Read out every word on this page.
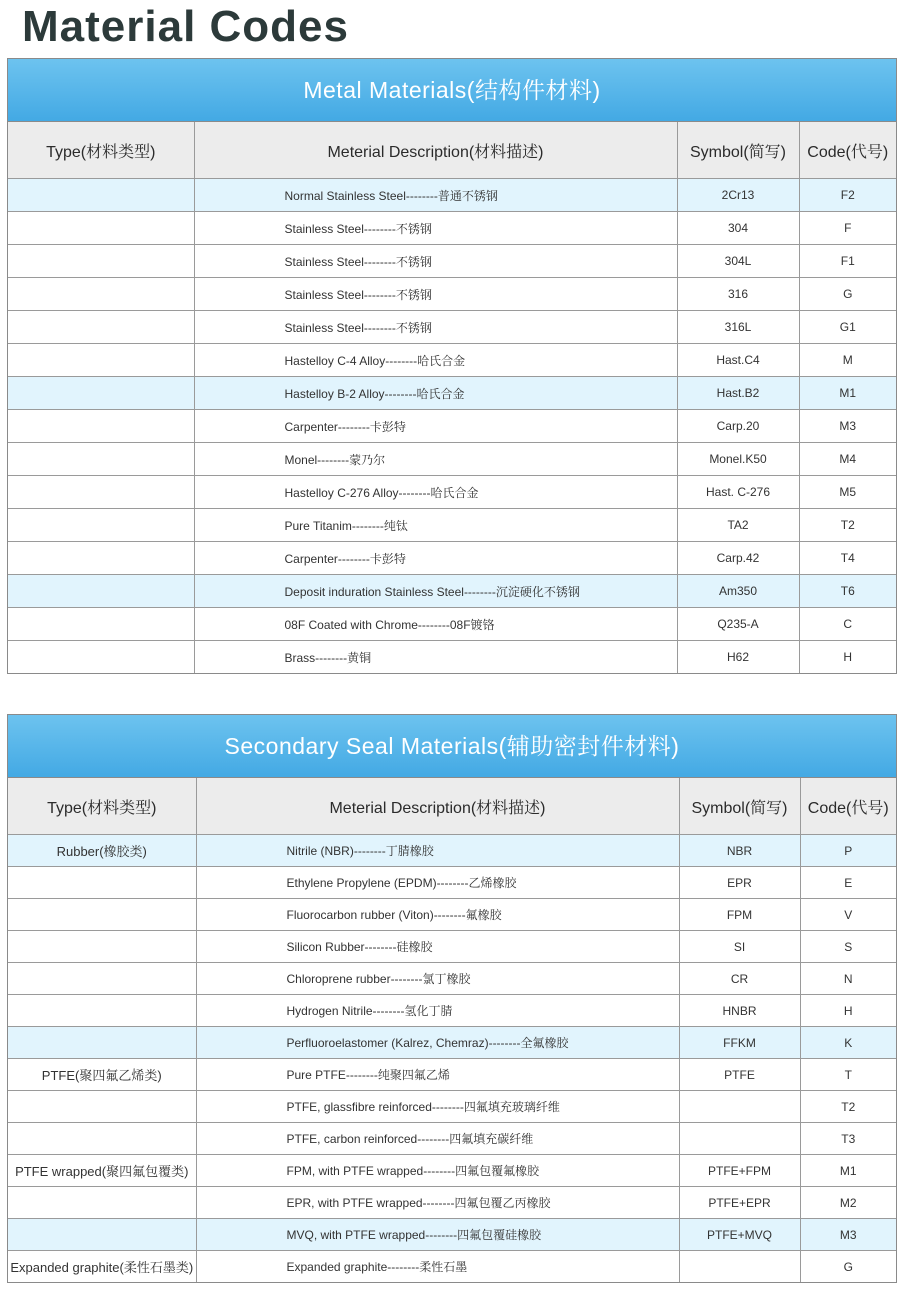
Material Codes
Metal Materials(结构件材料)
Type(材料类型)	Meterial Description(材料描述)	Symbol(简写)	Code(代号)
	Normal Stainless Steel--------普通不锈钢	2Cr13	F2
	Stainless Steel--------不锈钢	304	F
	Stainless Steel--------不锈钢	304L	F1
	Stainless Steel--------不锈钢	316	G
	Stainless Steel--------不锈钢	316L	G1
	Hastelloy C-4 Alloy--------哈氏合金	Hast.C4	M
	Hastelloy B-2 Alloy--------哈氏合金	Hast.B2	M1
	Carpenter--------卡彭特	Carp.20	M3
	Monel--------蒙乃尔	Monel.K50	M4
	Hastelloy C-276 Alloy--------哈氏合金	Hast. C-276	M5
	Pure Titanim--------纯钛	TA2	T2
	Carpenter--------卡彭特	Carp.42	T4
	Deposit induration Stainless Steel--------沉淀硬化不锈钢	Am350	T6
	08F Coated with Chrome--------08F镀铬	Q235-A	C
	Brass--------黄铜	H62	H
Secondary Seal Materials(辅助密封件材料)
Type(材料类型)	Meterial Description(材料描述)	Symbol(简写)	Code(代号)
Rubber(橡胶类)	Nitrile (NBR)--------丁腈橡胶	NBR	P
	Ethylene Propylene (EPDM)--------乙烯橡胶	EPR	E
	Fluorocarbon rubber (Viton)--------氟橡胶	FPM	V
	Silicon Rubber--------硅橡胶	SI	S
	Chloroprene rubber--------氯丁橡胶	CR	N
	Hydrogen Nitrile--------氢化丁腈	HNBR	H
	Perfluoroelastomer (Kalrez, Chemraz)--------全氟橡胶	FFKM	K
PTFE(聚四氟乙烯类)	Pure PTFE--------纯聚四氟乙烯	PTFE	T
	PTFE, glassfibre reinforced--------四氟填充玻璃纤维		T2
	PTFE, carbon reinforced--------四氟填充碳纤维		T3
PTFE wrapped(聚四氟包覆类)	FPM, with PTFE wrapped--------四氟包覆氟橡胶	PTFE+FPM	M1
	EPR, with PTFE wrapped--------四氟包覆乙丙橡胶	PTFE+EPR	M2
	MVQ, with PTFE wrapped--------四氟包覆硅橡胶	PTFE+MVQ	M3
Expanded graphite(柔性石墨类)	Expanded graphite--------柔性石墨		G
